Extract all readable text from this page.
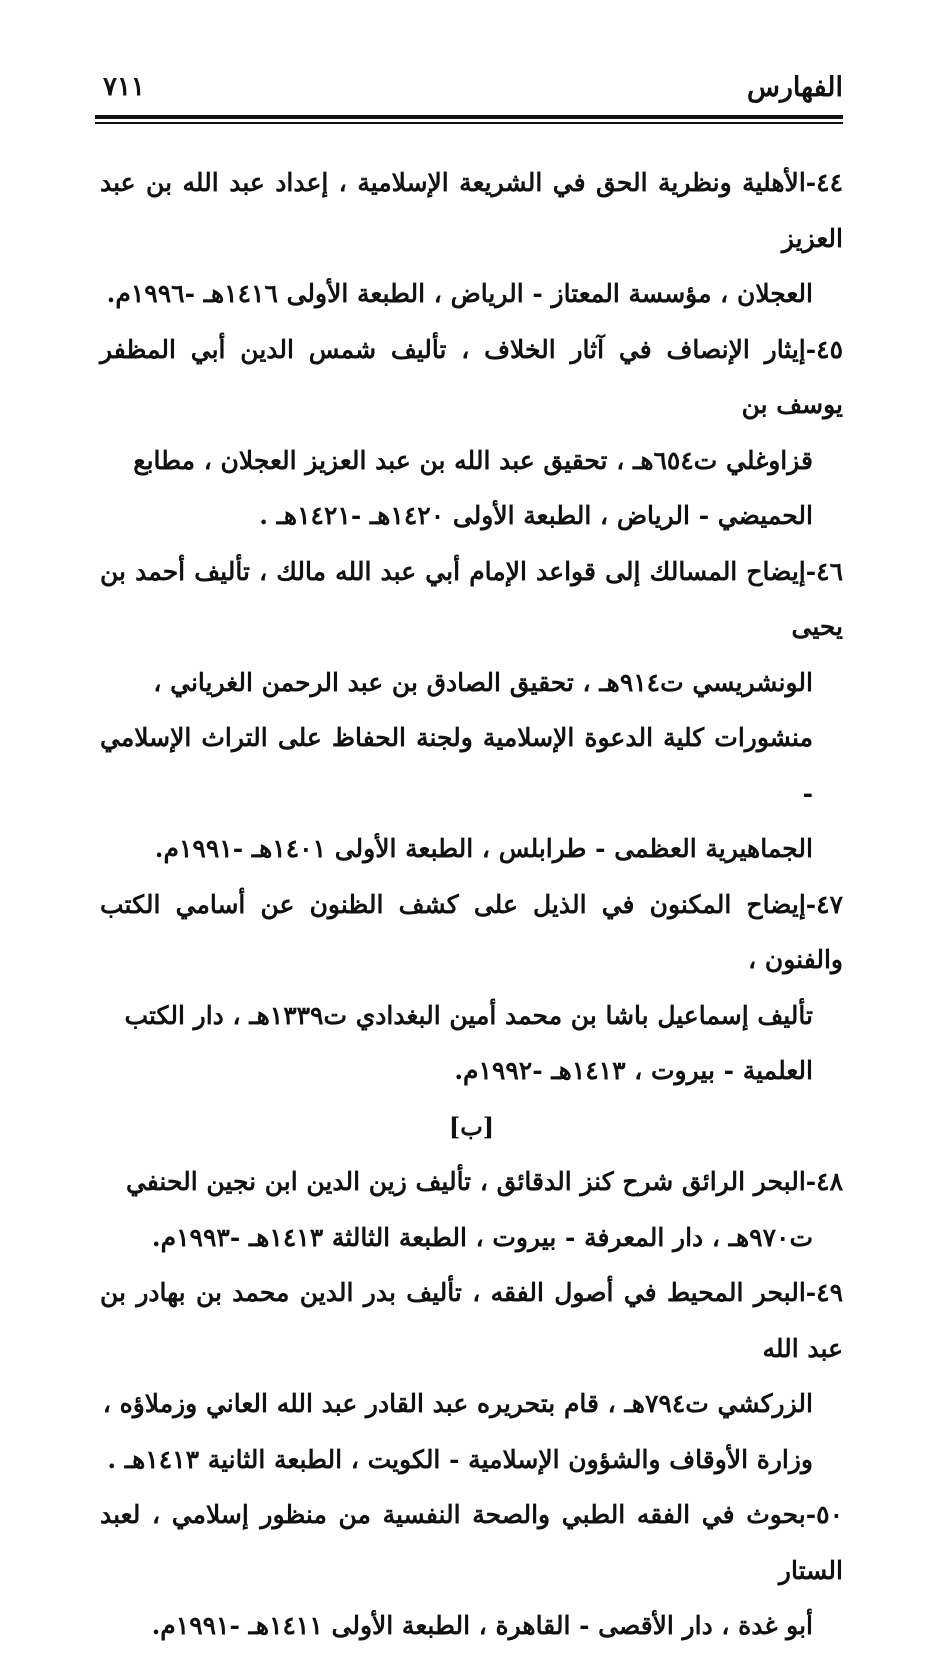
الفهارس
٧١١
٤٤-الأهلية ونظرية الحق في الشريعة الإسلامية ، إعداد عبد الله بن عبد العزيز
العجلان ، مؤسسة المعتاز - الرياض ، الطبعة الأولى ١٤١٦هـ -١٩٩٦م.
٤٥-إيثار الإنصاف في آثار الخلاف ، تأليف شمس الدين أبي المظفر يوسف بن
قزاوغلي ت٦٥٤هـ ، تحقيق عبد الله بن عبد العزيز العجلان ، مطابع
الحميضي - الرياض ، الطبعة الأولى ١٤٢٠هـ -١٤٢١هـ .
٤٦-إيضاح المسالك إلى قواعد الإمام أبي عبد الله مالك ، تأليف أحمد بن يحيى
الونشريسي ت٩١٤هـ ، تحقيق الصادق بن عبد الرحمن الغرياني ،
منشورات كلية الدعوة الإسلامية ولجنة الحفاظ على التراث الإسلامي -
الجماهيرية العظمى - طرابلس ، الطبعة الأولى ١٤٠١هـ -١٩٩١م.
٤٧-إيضاح المكنون في الذيل على كشف الظنون عن أسامي الكتب والفنون ،
تأليف إسماعيل باشا بن محمد أمين البغدادي ت١٣٣٩هـ ، دار الكتب
العلمية - بيروت ، ١٤١٣هـ -١٩٩٢م.
[ب]
٤٨-البحر الرائق شرح كنز الدقائق ، تأليف زين الدين ابن نجين الحنفي
ت٩٧٠هـ ، دار المعرفة - بيروت ، الطبعة الثالثة ١٤١٣هـ -١٩٩٣م.
٤٩-البحر المحيط في أصول الفقه ، تأليف بدر الدين محمد بن بهادر بن عبد الله
الزركشي ت٧٩٤هـ ، قام بتحريره عبد القادر عبد الله العاني وزملاؤه ،
وزارة الأوقاف والشؤون الإسلامية - الكويت ، الطبعة الثانية ١٤١٣هـ .
٥٠-بحوث في الفقه الطبي والصحة النفسية من منظور إسلامي ، لعبد الستار
أبو غدة ، دار الأقصى - القاهرة ، الطبعة الأولى ١٤١١هـ -١٩٩١م.
